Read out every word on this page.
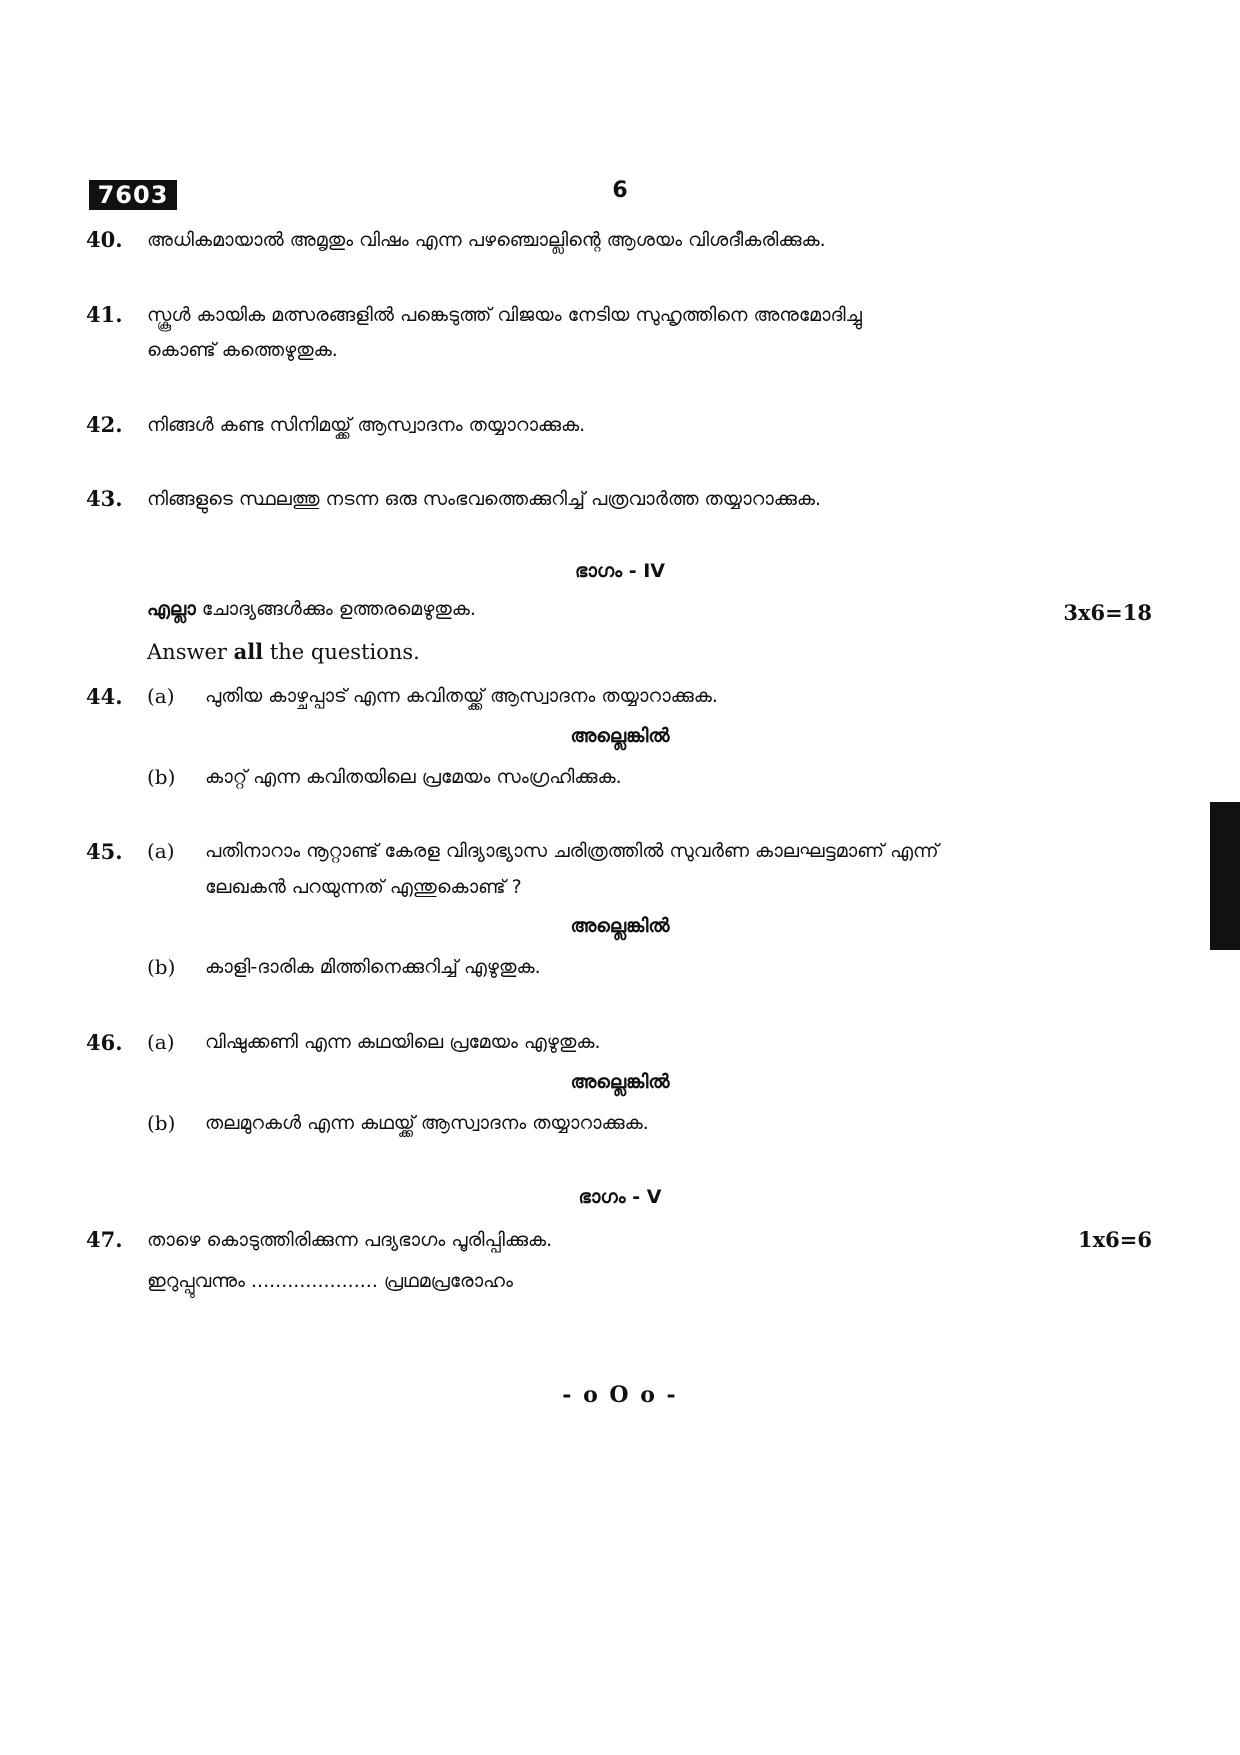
7603	6
40. അധികമായാൽ അമൃതും വിഷം എന്ന പഴഞ്ചൊല്ലിന്റെ ആശയം വിശദീകരിക്കുക.
41. സ്കൂൾ കായിക മത്സരങ്ങളിൽ പങ്കെടുത്ത് വിജയം നേടിയ സുഹൃത്തിനെ അനുമോദിച്ചു
കൊണ്ട് കത്തെഴുതുക.
42. നിങ്ങൾ കണ്ട സിനിമയ്ക്ക് ആസ്വാദനം തയ്യാറാക്കുക.
43. നിങ്ങളുടെ സ്ഥലത്തു നടന്ന ഒരു സംഭവത്തെക്കുറിച്ച് പത്രവാർത്ത തയ്യാറാക്കുക.
ഭാഗം - IV
എല്ലാ ചോദ്യങ്ങൾക്കും ഉത്തരമെഴുതുക.	3x6=18
Answer all the questions.
44. (a) പുതിയ കാഴ്ചപ്പാട് എന്ന കവിതയ്ക്ക് ആസ്വാദനം തയ്യാറാക്കുക.
അല്ലെങ്കിൽ
(b) കാറ്റ് എന്ന കവിതയിലെ പ്രമേയം സംഗ്രഹിക്കുക.
45. (a) പതിനാറാം നൂറ്റാണ്ട് കേരള വിദ്യാഭ്യാസ ചരിത്രത്തിൽ സുവർണ കാലഘട്ടമാണ് എന്ന്
ലേഖകൻ പറയുന്നത് എന്തുകൊണ്ട് ?
അല്ലെങ്കിൽ
(b) കാളി-ദാരിക മിത്തിനെക്കുറിച്ച് എഴുതുക.
46. (a) വിഷുക്കണി എന്ന കഥയിലെ പ്രമേയം എഴുതുക.
അല്ലെങ്കിൽ
(b) തലമുറകൾ എന്ന കഥയ്ക്ക് ആസ്വാദനം തയ്യാറാക്കുക.
ഭാഗം - V
47. താഴെ കൊടുത്തിരിക്കുന്ന പദ്യഭാഗം പൂരിപ്പിക്കുക.	1x6=6
ഇറുപ്പുവന്നും ..................... പ്രഥമപ്രരോഹം
- o O o -
